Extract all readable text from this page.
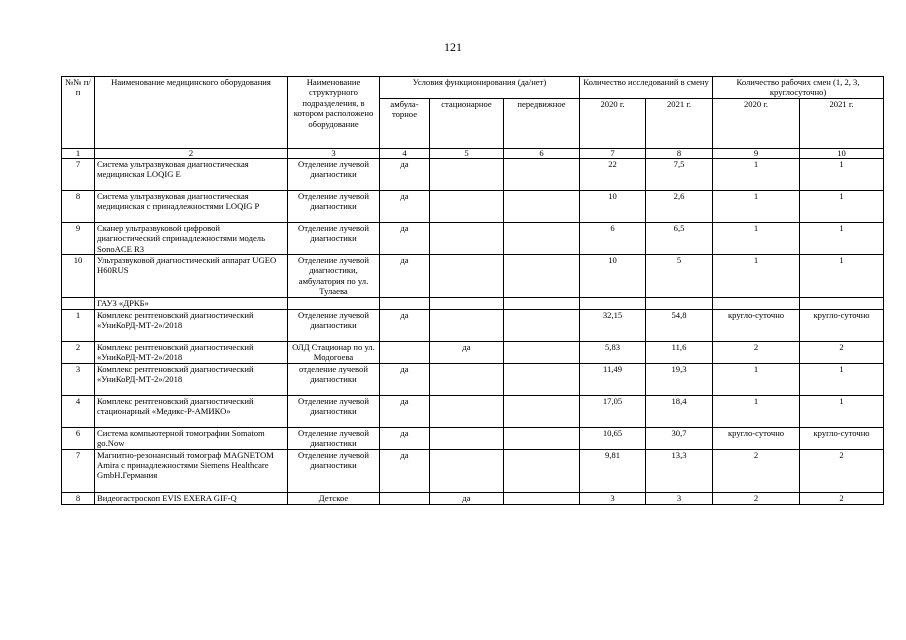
121
№№ п/п	Наименование медицинского оборудования	Наименование структурного подразделения, в котором расположено оборудование	Условия функционирования (да/нет)			Количество исследований в смену		Количество рабочих смен (1, 2, 3, круглосуточно)	
			амбула-торное	стационарное	передвижное	2020 г.	2021 г.	2020 г.	2021 г.
1	2	3	4	5	6	7	8	9	10
7	Система ультразвуковая диагностическая медицинская LOQIG E	Отделение лучевой диагностики	да			22	7,5	1	1
8	Система ультразвуковая диагностическая медицинская с принадлежностями LOQIG P	Отделение лучевой диагностики	да			10	2,6	1	1
9	Сканер ультразвуковой цифровой диагностический спринадлежностями модель SonoACE R3	Отделение лучевой диагностики	да			6	6,5	1	1
10	Ультразвуковой диагностический аппарат UGEO H60RUS	Отделение лучевой диагностики, амбулатория по ул. Тулаева	да			10	5	1	1
	ГАУЗ «ДРКБ»								
1	Комплекс рентгеновский диагностический «УниКоРД-МТ-2»/2018	Отделение лучевой диагностики	да			32,15	54,8	кругло-суточно	кругло-суточно
2	Комплекс рентгеновский диагностический «УниКоРД-МТ-2»/2018	ОЛД Стационар по ул. Модогоева		да		5,83	11,6	2	2
3	Комплекс рентгеновский диагностический «УниКоРД-МТ-2»/2018	отделение лучевой диагностики	да			11,49	19,3	1	1
4	Комплекс рентгеновский диагностический стационарный «Медикс-Р-АМИКО»	Отделение лучевой диагностики	да			17,05	18,4	1	1
6	Система компьютерной томографии Somatom go.Now	Отделение лучевой диагностики	да			10,65	30,7	кругло-суточно	кругло-суточно
7	Магнитно-резонансный томограф MAGNETOM Amira с принадлежностями Siemens Healthcare GmbH.Германия	Отделение лучевой диагностики	да			9,81	13,3	2	2
8	Видеогастроскоп EVIS EXERA GIF-Q	Детское		да		3	3	2	2
